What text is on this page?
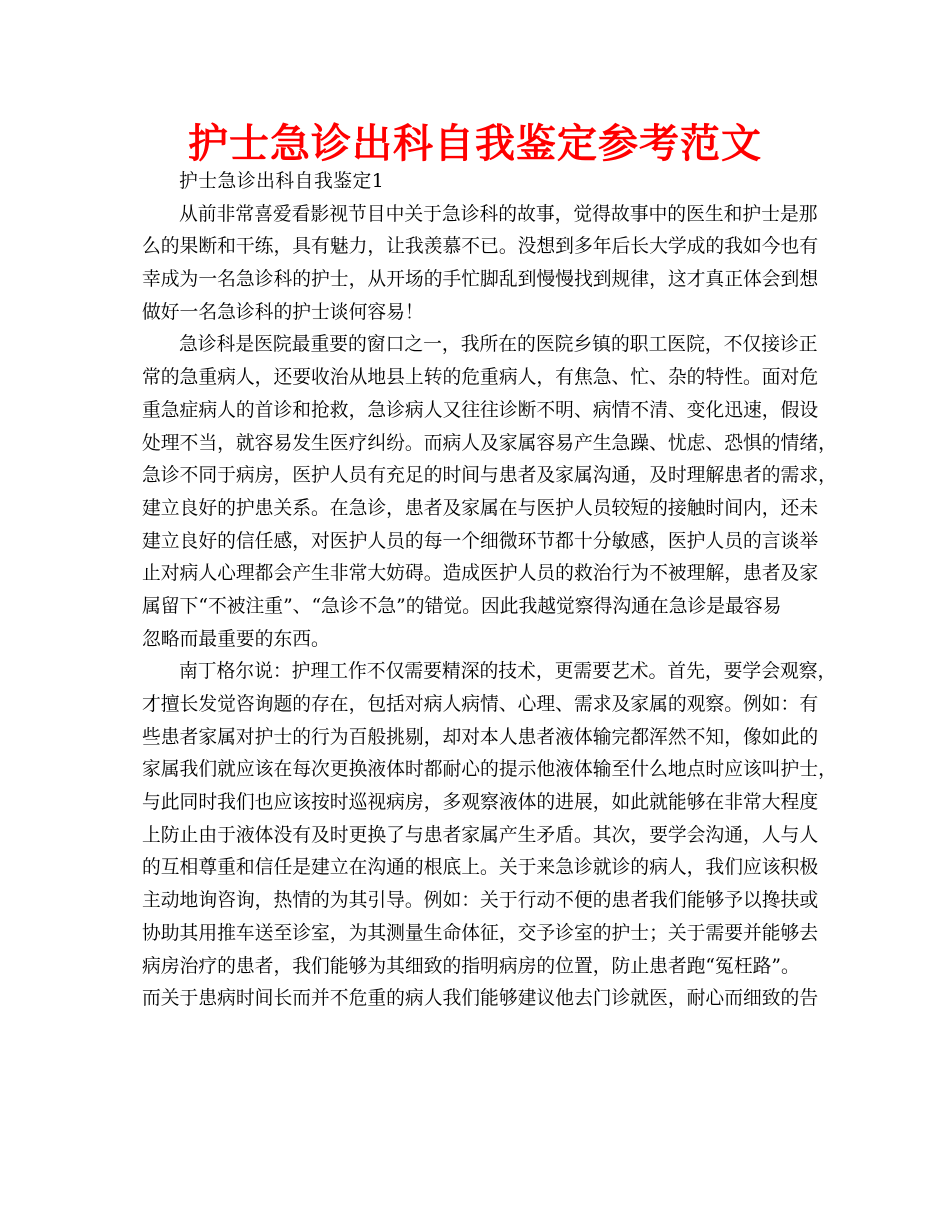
护士急诊出科自我鉴定参考范文
护士急诊出科自我鉴定1
从前非常喜爱看影视节目中关于急诊科的故事，觉得故事中的医生和护士是那
么的果断和干练，具有魅力，让我羡慕不已。没想到多年后长大学成的我如今也有
幸成为一名急诊科的护士，从开场的手忙脚乱到慢慢找到规律，这才真正体会到想
做好一名急诊科的护士谈何容易！
急诊科是医院最重要的窗口之一，我所在的医院乡镇的职工医院，不仅接诊正
常的急重病人，还要收治从地县上转的危重病人，有焦急、忙、杂的特性。面对危
重急症病人的首诊和抢救，急诊病人又往往诊断不明、病情不清、变化迅速，假设
处理不当，就容易发生医疗纠纷。而病人及家属容易产生急躁、忧虑、恐惧的情绪，
急诊不同于病房，医护人员有充足的时间与患者及家属沟通，及时理解患者的需求，
建立良好的护患关系。在急诊，患者及家属在与医护人员较短的接触时间内，还未
建立良好的信任感，对医护人员的每一个细微环节都十分敏感，医护人员的言谈举
止对病人心理都会产生非常大妨碍。造成医护人员的救治行为不被理解，患者及家
属留下“不被注重”、“急诊不急”的错觉。因此我越觉察得沟通在急诊是最容易
忽略而最重要的东西。
南丁格尔说：护理工作不仅需要精深的技术，更需要艺术。首先，要学会观察，
才擅长发觉咨询题的存在，包括对病人病情、心理、需求及家属的观察。例如：有
些患者家属对护士的行为百般挑剔，却对本人患者液体输完都浑然不知，像如此的
家属我们就应该在每次更换液体时都耐心的提示他液体输至什么地点时应该叫护士，
与此同时我们也应该按时巡视病房，多观察液体的进展，如此就能够在非常大程度
上防止由于液体没有及时更换了与患者家属产生矛盾。其次，要学会沟通，人与人
的互相尊重和信任是建立在沟通的根底上。关于来急诊就诊的病人，我们应该积极
主动地询咨询，热情的为其引导。例如：关于行动不便的患者我们能够予以搀扶或
协助其用推车送至诊室，为其测量生命体征，交予诊室的护士；关于需要并能够去
病房治疗的患者，我们能够为其细致的指明病房的位置，防止患者跑“冤枉路”。
而关于患病时间长而并不危重的病人我们能够建议他去门诊就医，耐心而细致的告
